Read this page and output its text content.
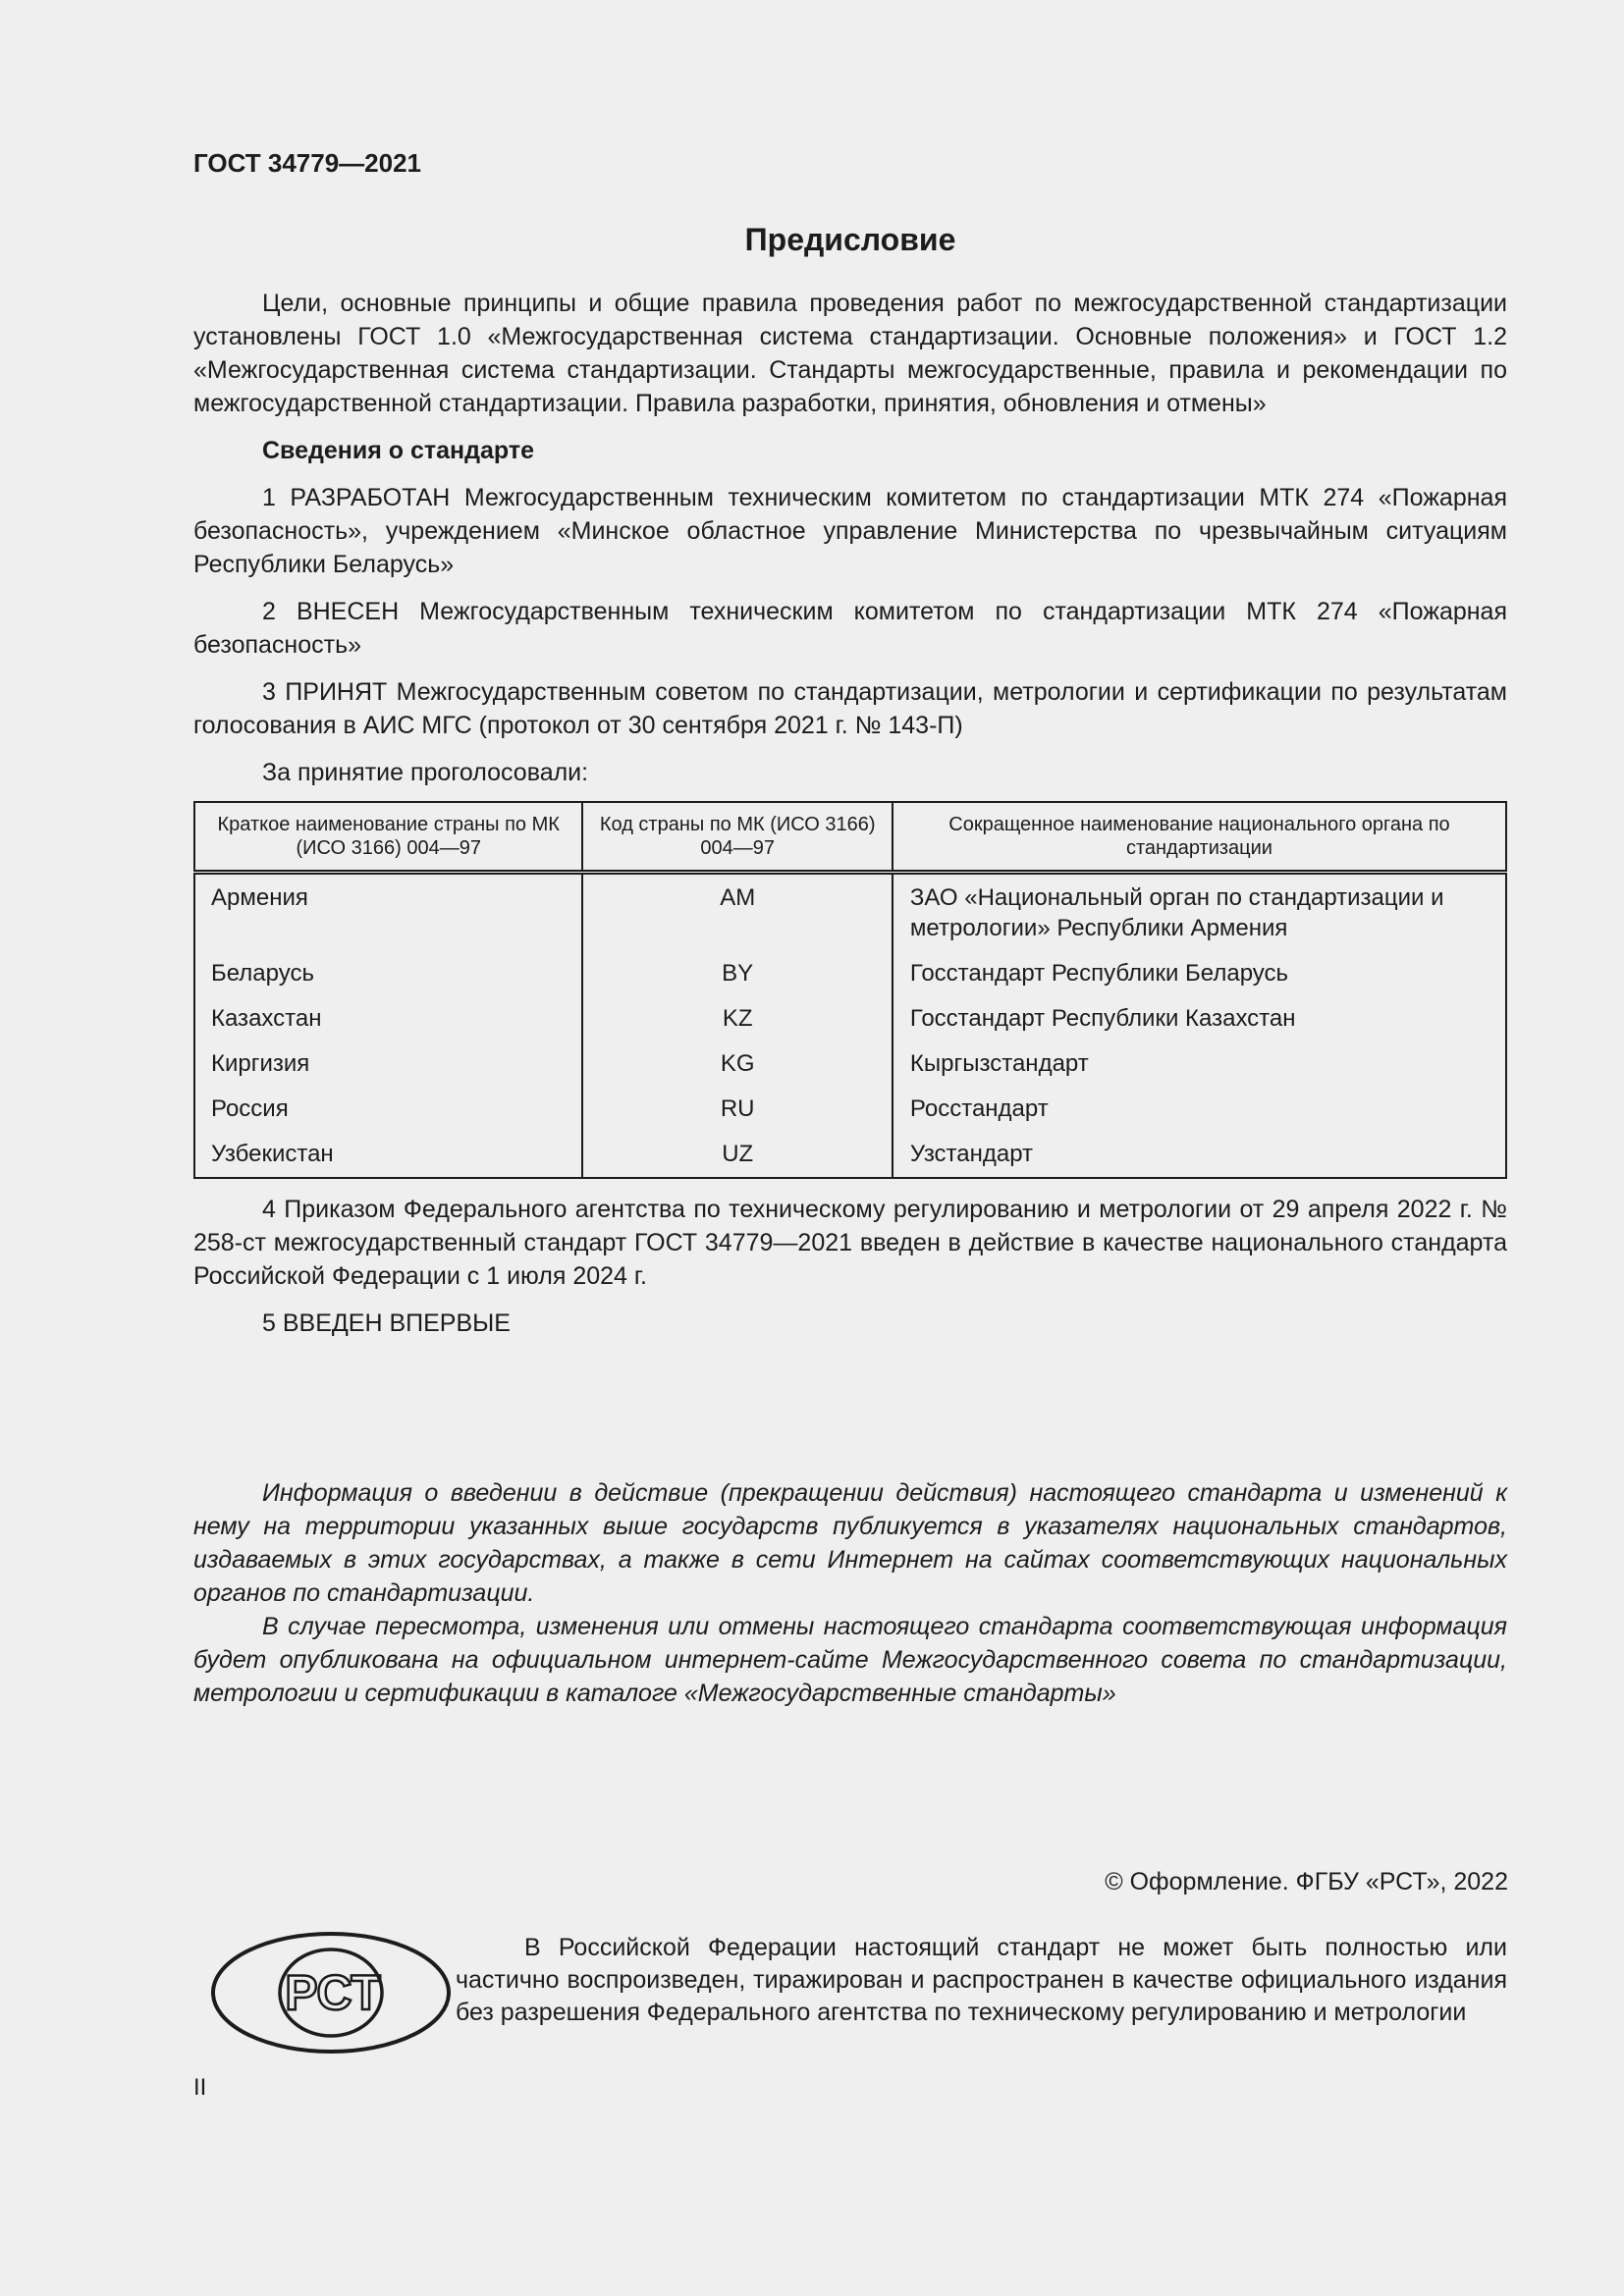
ГОСТ 34779—2021
Предисловие

Цели, основные принципы и общие правила проведения работ по межгосударственной стандартизации установлены ГОСТ 1.0 «Межгосударственная система стандартизации. Основные положения» и ГОСТ 1.2 «Межгосударственная система стандартизации. Стандарты межгосударственные, правила и рекомендации по межгосударственной стандартизации. Правила разработки, принятия, обновления и отмены»

Сведения о стандарте

1 РАЗРАБОТАН Межгосударственным техническим комитетом по стандартизации МТК 274 «Пожарная безопасность», учреждением «Минское областное управление Министерства по чрезвычайным ситуациям Республики Беларусь»

2 ВНЕСЕН Межгосударственным техническим комитетом по стандартизации МТК 274 «Пожарная безопасность»

3 ПРИНЯТ Межгосударственным советом по стандартизации, метрологии и сертификации по результатам голосования в АИС МГС (протокол от 30 сентября 2021 г. № 143-П)

За принятие проголосовали:

Краткое наименование страны по МК (ИСО 3166) 004—97	Код страны по МК (ИСО 3166) 004—97	Сокращенное наименование национального органа по стандартизации
Армения	AM	ЗАО «Национальный орган по стандартизации и метрологии» Республики Армения
Беларусь	BY	Госстандарт Республики Беларусь
Казахстан	KZ	Госстандарт Республики Казахстан
Киргизия	KG	Кыргызстандарт
Россия	RU	Росстандарт
Узбекистан	UZ	Узстандарт

4 Приказом Федерального агентства по техническому регулированию и метрологии от 29 апреля 2022 г. № 258-ст межгосударственный стандарт ГОСТ 34779—2021 введен в действие в качестве национального стандарта Российской Федерации с 1 июля 2024 г.

5 ВВЕДЕН ВПЕРВЫЕ

Информация о введении в действие (прекращении действия) настоящего стандарта и изменений к нему на территории указанных выше государств публикуется в указателях национальных стандартов, издаваемых в этих государствах, а также в сети Интернет на сайтах соответствующих национальных органов по стандартизации.

В случае пересмотра, изменения или отмены настоящего стандарта соответствующая информация будет опубликована на официальном интернет-сайте Межгосударственного совета по стандартизации, метрологии и сертификации в каталоге «Межгосударственные стандарты»

© Оформление. ФГБУ «РСТ», 2022
РСТ
В Российской Федерации настоящий стандарт не может быть полностью или частично воспроизведен, тиражирован и распространен в качестве официального издания без разрешения Федерального агентства по техническому регулированию и метрологии
II
